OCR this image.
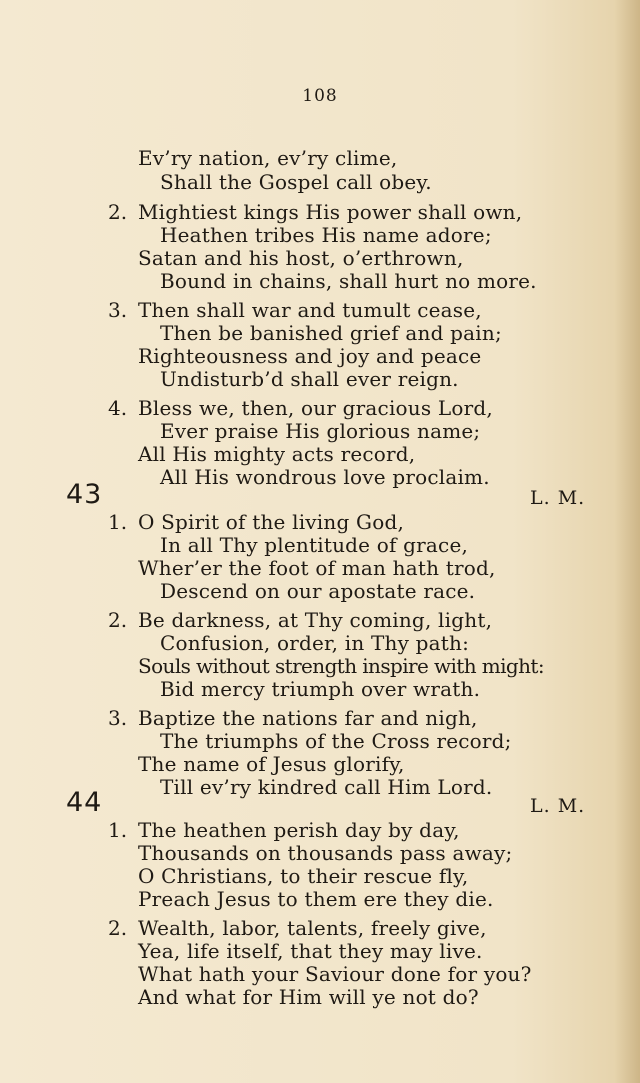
108
Ev’ry nation, ev’ry clime,
Shall the Gospel call obey.
2. Mightiest kings His power shall own,
Heathen tribes His name adore;
Satan and his host, o’erthrown,
Bound in chains, shall hurt no more.
3. Then shall war and tumult cease,
Then be banished grief and pain;
Righteousness and joy and peace
Undisturb’d shall ever reign.
4. Bless we, then, our gracious Lord,
Ever praise His glorious name;
All His mighty acts record,
All His wondrous love proclaim.
43	L. M.
1. O Spirit of the living God,
In all Thy plentitude of grace,
Wher’er the foot of man hath trod,
Descend on our apostate race.
2. Be darkness, at Thy coming, light,
Confusion, order, in Thy path:
Souls without strength inspire with might:
Bid mercy triumph over wrath.
3. Baptize the nations far and nigh,
The triumphs of the Cross record;
The name of Jesus glorify,
Till ev’ry kindred call Him Lord.
44	L. M.
1. The heathen perish day by day,
Thousands on thousands pass away;
O Christians, to their rescue fly,
Preach Jesus to them ere they die.
2. Wealth, labor, talents, freely give,
Yea, life itself, that they may live.
What hath your Saviour done for you?
And what for Him will ye not do?
